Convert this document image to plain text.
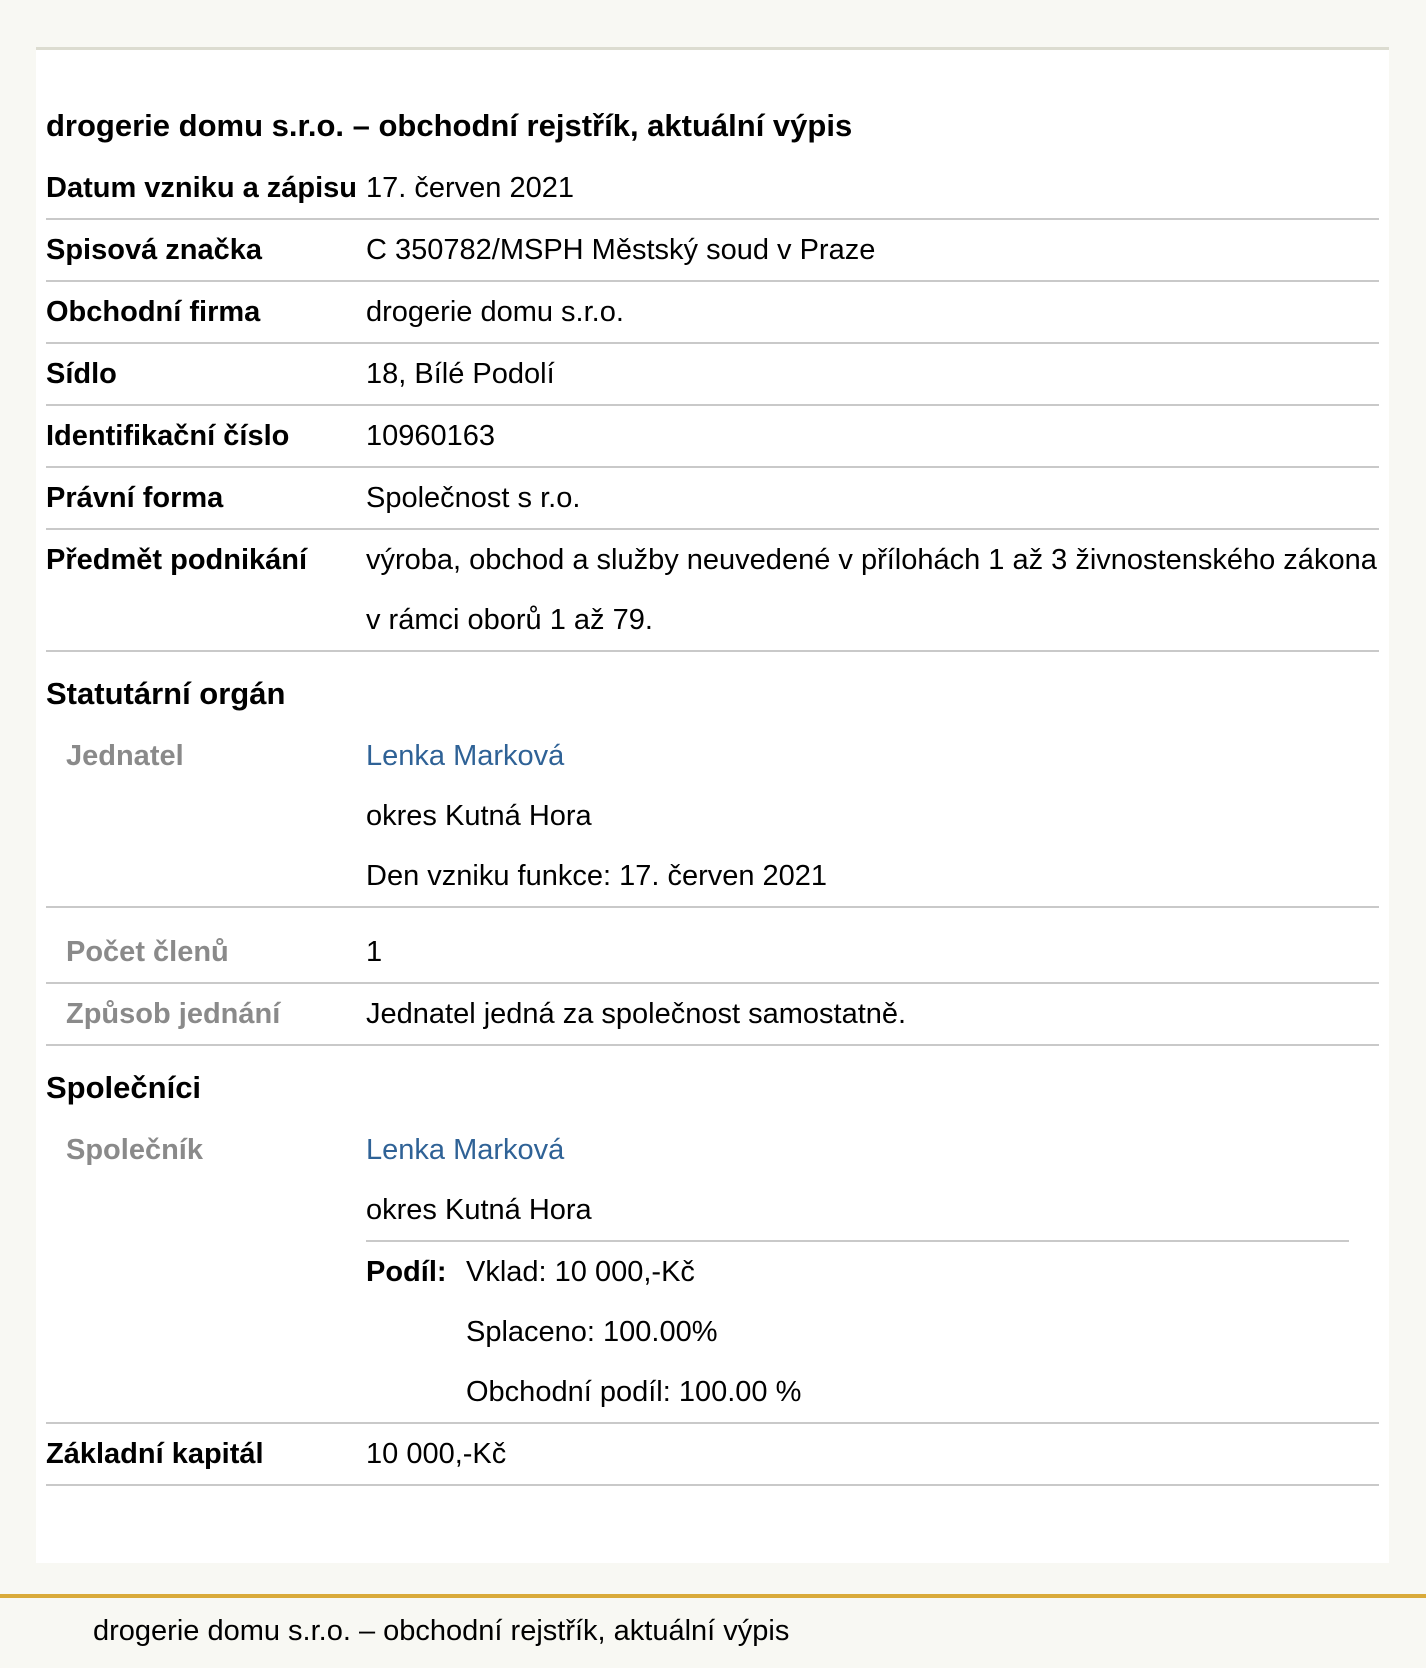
drogerie domu s.r.o. – obchodní rejstřík, aktuální výpis
Datum vzniku a zápisu 17. červen 2021
Spisová značka	C 350782/MSPH Městský soud v Praze
Obchodní firma	drogerie domu s.r.o.
Sídlo	18, Bílé Podolí
Identifikační číslo	10960163
Právní forma	Společnost s r.o.
Předmět podnikání	výroba, obchod a služby neuvedené v přílohách 1 až 3 živnostenského zákona v rámci oborů 1 až 79.
Statutární orgán
Jednatel	Lenka Marková
okres Kutná Hora
Den vzniku funkce: 17. červen 2021
Počet členů	1
Způsob jednání	Jednatel jedná za společnost samostatně.
Společníci
Společník	Lenka Marková
okres Kutná Hora
Podíl: Vklad: 10 000,-Kč
Splaceno: 100.00%
Obchodní podíl: 100.00 %
Základní kapitál	10 000,-Kč
drogerie domu s.r.o. – obchodní rejstřík, aktuální výpis
